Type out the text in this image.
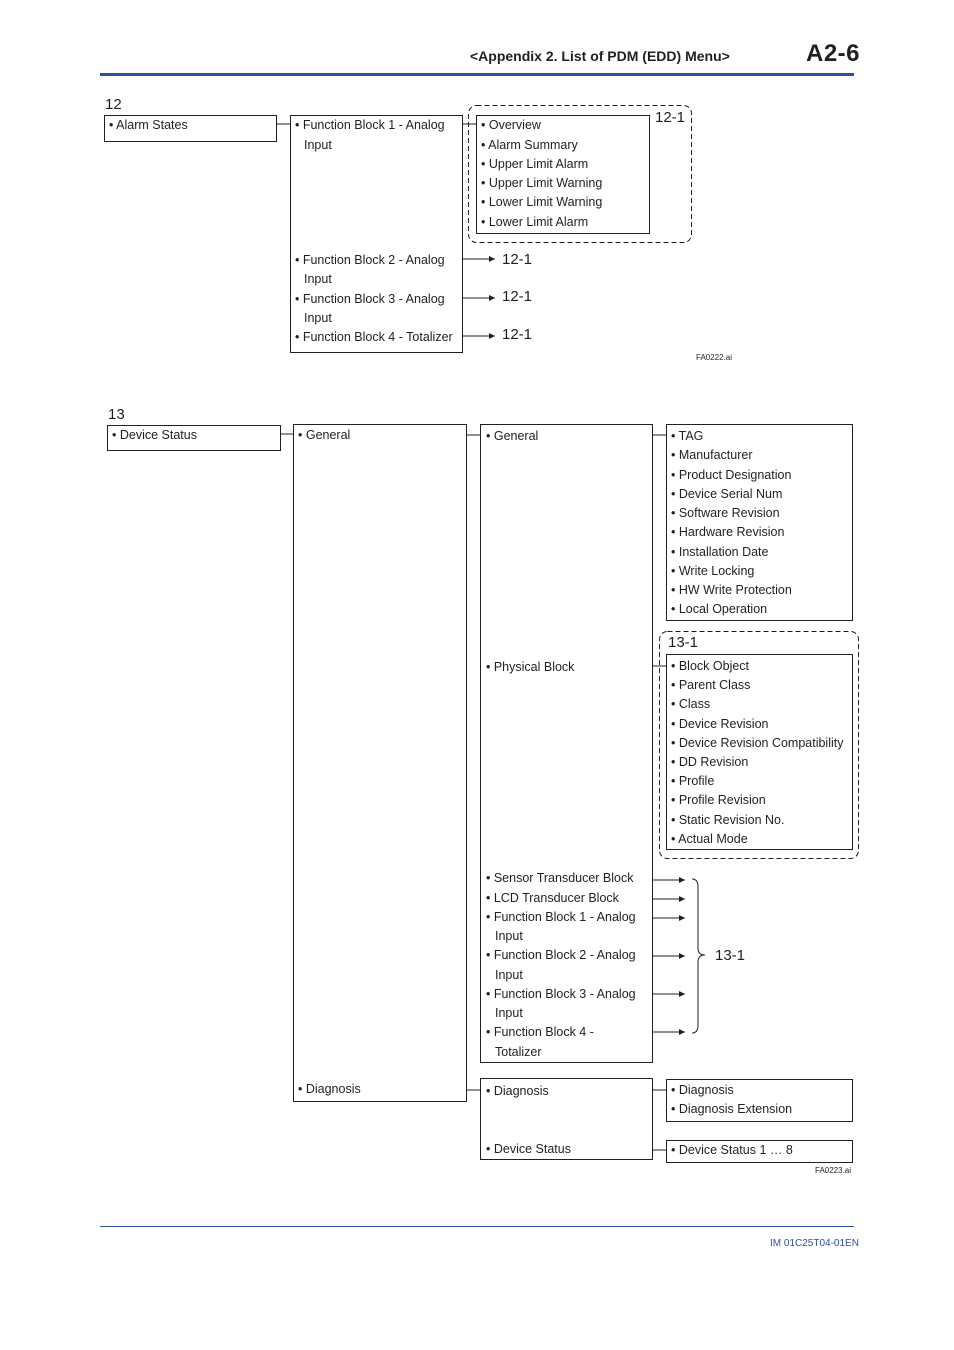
<Appendix 2. List of PDM (EDD) Menu>	A2-6
IM 01C25T04-01EN
12
• Alarm States	• Function Block 1 - Analog
Input
• Function Block 2 - Analog
Input
• Function Block 3 - Analog
Input
• Function Block 4 - Totalizer
• Overview
• Alarm Summary
• Upper Limit Alarm
• Upper Limit Warning
• Lower Limit Warning
• Lower Limit Alarm
12-1
12-1
12-1
12-1
FA0222.ai
13
• Device Status	• General
• Diagnosis
• General
• Physical Block
• Sensor Transducer Block
• LCD Transducer Block
• Function Block 1 - Analog
Input
• Function Block 2 - Analog
Input
• Function Block 3 - Analog
Input
• Function Block 4 -
Totalizer
• Diagnosis
• Device Status
• TAG
• Manufacturer
• Product Designation
• Device Serial Num
• Software Revision
• Hardware Revision
• Installation Date
• Write Locking
• HW Write Protection
• Local Operation
13-1
• Block Object
• Parent Class
• Class
• Device Revision
• Device Revision Compatibility
• DD Revision
• Profile
• Profile Revision
• Static Revision No.
• Actual Mode
13-1
• Diagnosis
• Diagnosis Extension
• Device Status 1 … 8
FA0223.ai
